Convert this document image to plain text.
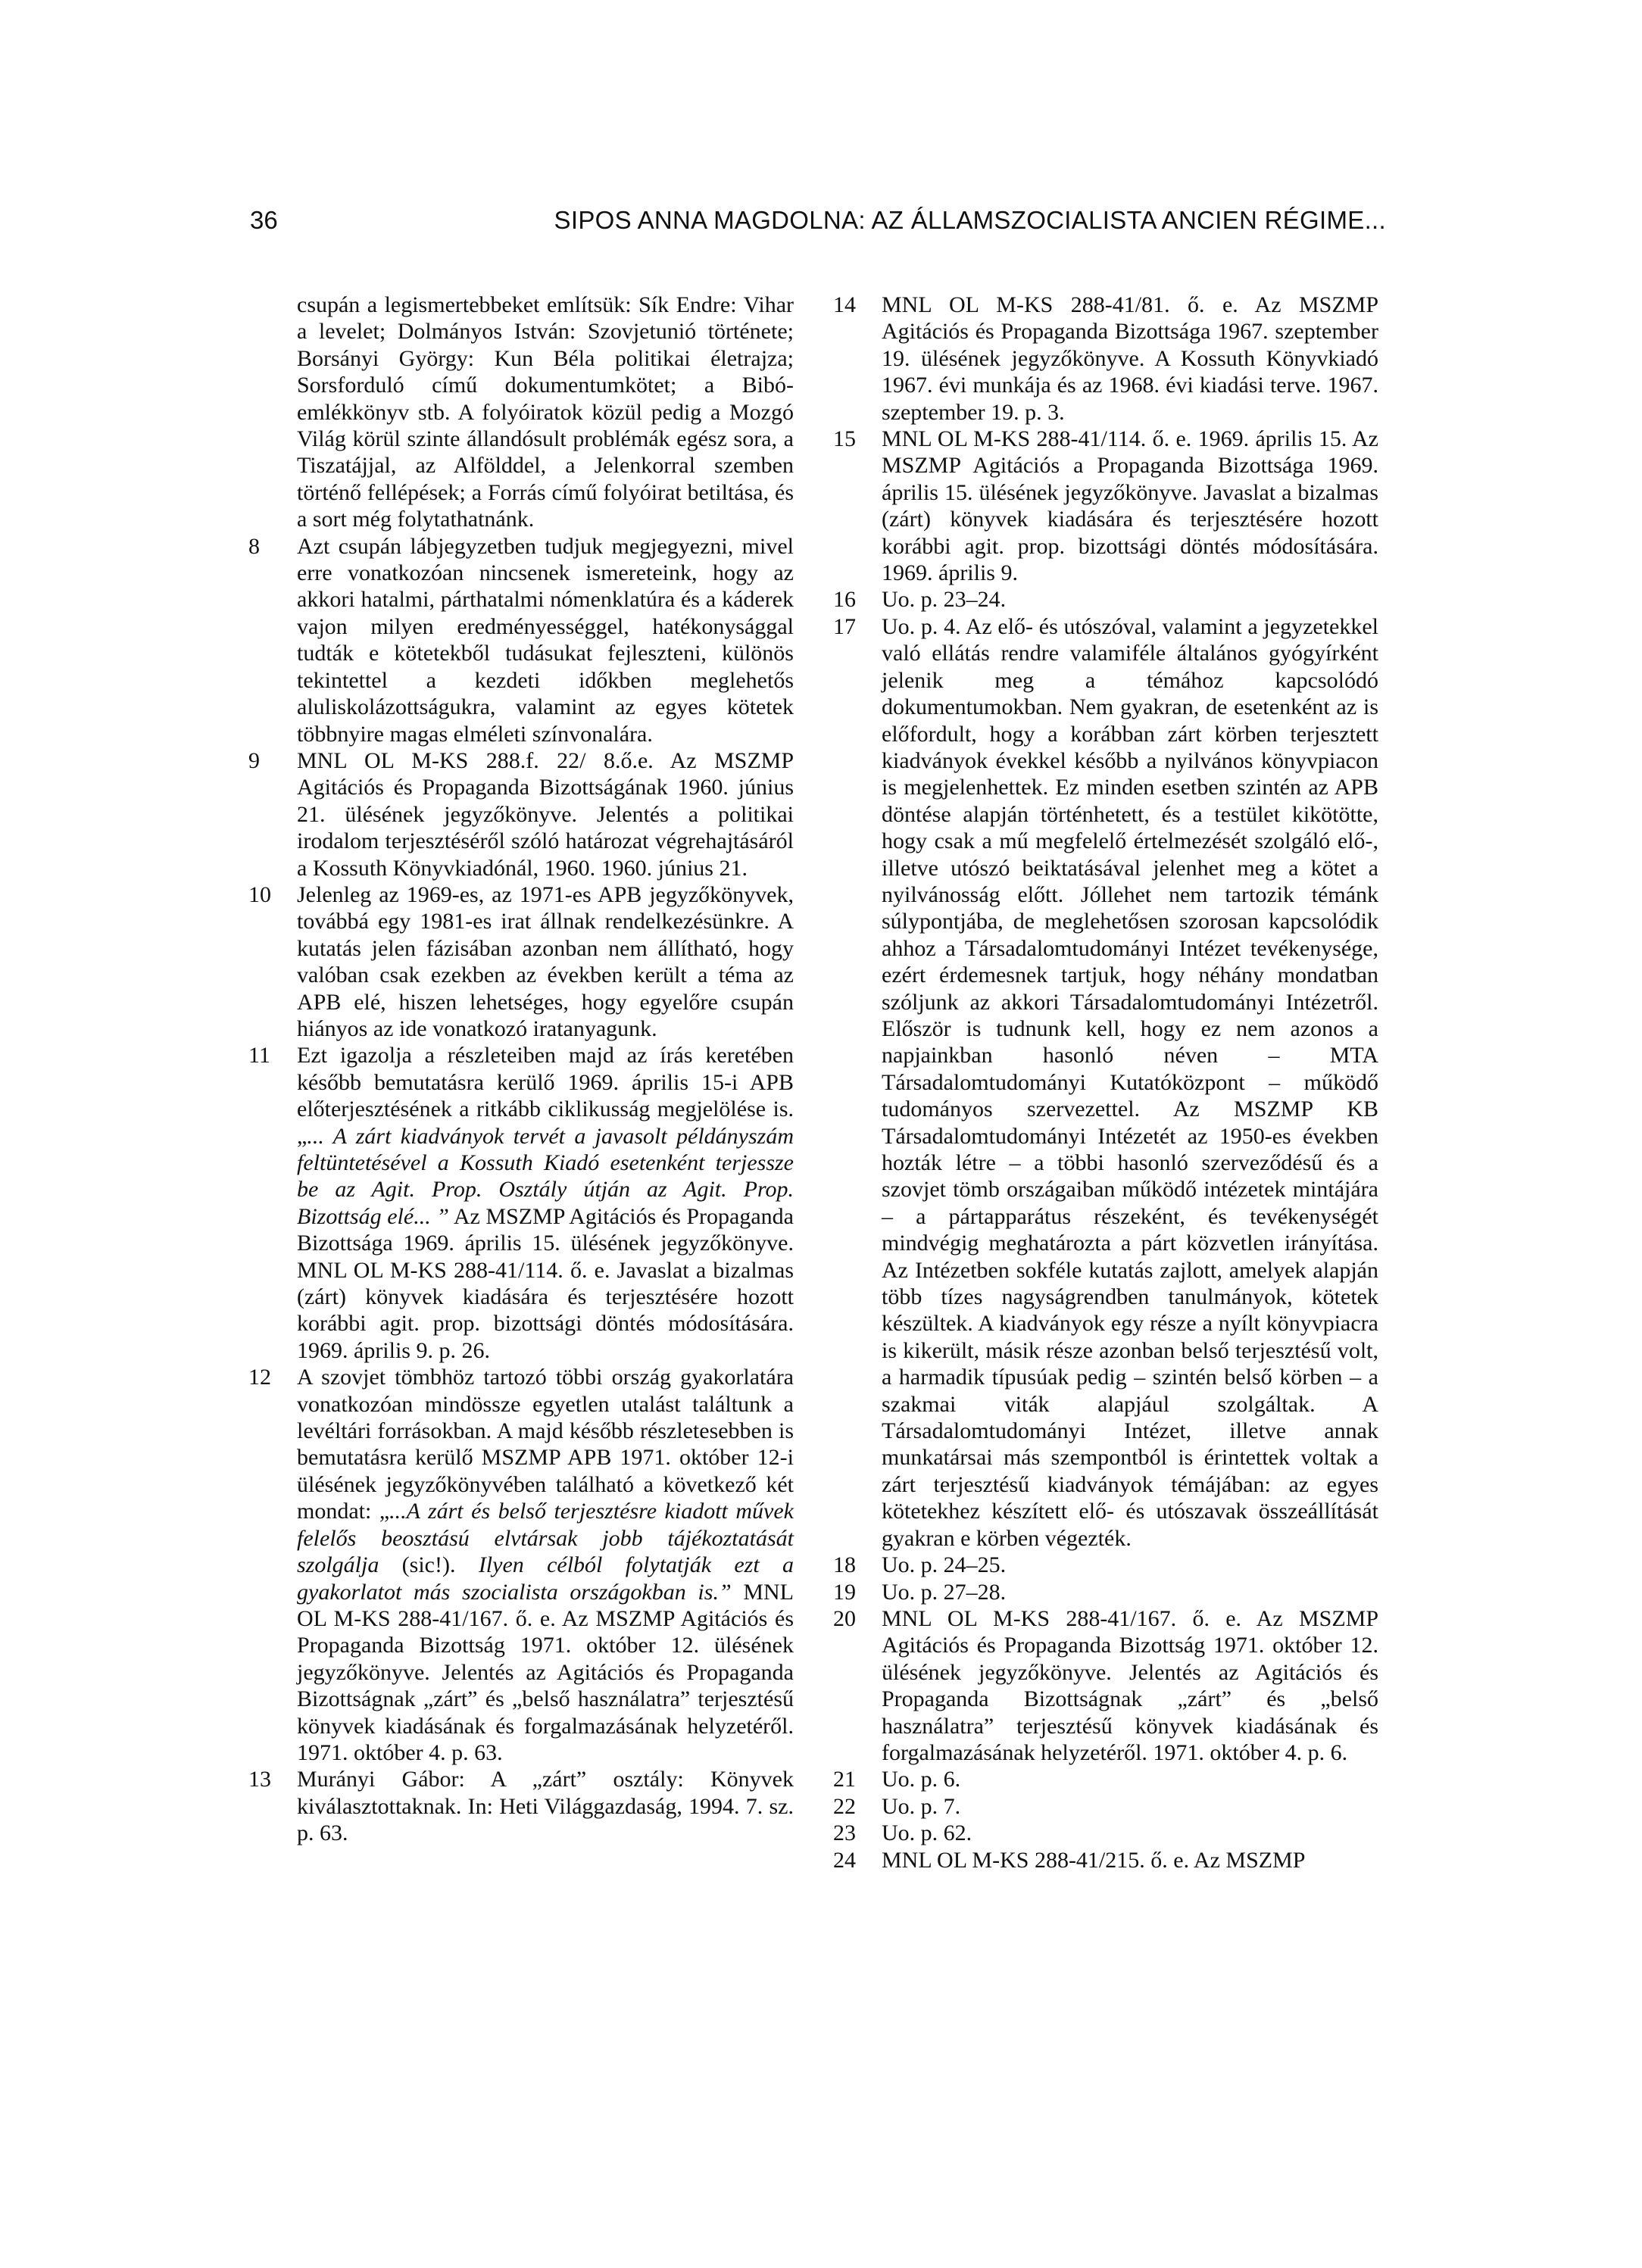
36	SIPOS ANNA MAGDOLNA: AZ ÁLLAMSZOCIALISTA ANCIEN RÉGIME...

csupán a legismertebbeket említsük: Sík Endre: Vihar a levelet; Dolmányos István: Szovjetunió története; Borsányi György: Kun Béla politikai életrajza; Sorsforduló című dokumentumkötet; a Bibó-emlékkönyv stb. A folyóiratok közül pedig a Mozgó Világ körül szinte állandósult problémák egész sora, a Tiszatájjal, az Alfölddel, a Jelenkorral szemben történő fellépések; a Forrás című folyóirat betiltása, és a sort még folytathatnánk.

8	Azt csupán lábjegyzetben tudjuk megjegyezni, mivel erre vonatkozóan nincsenek ismereteink, hogy az akkori hatalmi, párthatalmi nómenklatúra és a káderek vajon milyen eredményességgel, hatékonysággal tudták e kötetekből tudásukat fejleszteni, különös tekintettel a kezdeti időkben meglehetős aluliskolázottságukra, valamint az egyes kötetek többnyire magas elméleti színvonalára.
9	MNL OL M-KS 288.f. 22/ 8.ő.e. Az MSZMP Agitációs és Propaganda Bizottságának 1960. június 21. ülésének jegyzőkönyve. Jelentés a politikai irodalom terjesztéséről szóló határozat végrehajtásáról a Kossuth Könyvkiadónál, 1960. 1960. június 21.
10	Jelenleg az 1969-es, az 1971-es APB jegyzőkönyvek, továbbá egy 1981-es irat állnak rendelkezésünkre. A kutatás jelen fázisában azonban nem állítható, hogy valóban csak ezekben az években került a téma az APB elé, hiszen lehetséges, hogy egyelőre csupán hiányos az ide vonatkozó iratanyagunk.
11	Ezt igazolja a részleteiben majd az írás keretében később bemutatásra kerülő 1969. április 15-i APB előterjesztésének a ritkább ciklikusság megjelölése is. „... A zárt kiadványok tervét a javasolt példányszám feltüntetésével a Kossuth Kiadó esetenként terjessze be az Agit. Prop. Osztály útján az Agit. Prop. Bizottság elé... ” Az MSZMP Agitációs és Propaganda Bizottsága 1969. április 15. ülésének jegyzőkönyve. MNL OL M-KS 288-41/114. ő. e. Javaslat a bizalmas (zárt) könyvek kiadására és terjesztésére hozott korábbi agit. prop. bizottsági döntés módosítására. 1969. április 9. p. 26.
12	A szovjet tömbhöz tartozó többi ország gyakorlatára vonatkozóan mindössze egyetlen utalást találtunk a levéltári forrásokban. A majd később részletesebben is bemutatásra kerülő MSZMP APB 1971. október 12-i ülésének jegyzőkönyvében található a következő két mondat: „...A zárt és belső terjesztésre kiadott művek felelős beosztású elvtársak jobb tájékoztatását szolgálja (sic!). Ilyen célból folytatják ezt a gyakorlatot más szocialista országokban is.” MNL OL M-KS 288-41/167. ő. e. Az MSZMP Agitációs és Propaganda Bizottság 1971. október 12. ülésének jegyzőkönyve. Jelentés az Agitációs és Propaganda Bizottságnak „zárt” és „belső használatra” terjesztésű könyvek kiadásának és forgalmazásának helyzetéről. 1971. október 4. p. 63.
13	Murányi Gábor: A „zárt” osztály: Könyvek kiválasztottaknak. In: Heti Világgazdaság, 1994. 7. sz. p. 63.
14	MNL OL M-KS 288-41/81. ő. e. Az MSZMP Agitációs és Propaganda Bizottsága 1967. szeptember 19. ülésének jegyzőkönyve. A Kossuth Könyvkiadó 1967. évi munkája és az 1968. évi kiadási terve. 1967. szeptember 19. p. 3.
15	MNL OL M-KS 288-41/114. ő. e. 1969. április 15. Az MSZMP Agitációs a Propaganda Bizottsága 1969. április 15. ülésének jegyzőkönyve. Javaslat a bizalmas (zárt) könyvek kiadására és terjesztésére hozott korábbi agit. prop. bizottsági döntés módosítására. 1969. április 9.
16	Uo. p. 23–24.
17	Uo. p. 4. Az elő- és utószóval, valamint a jegyzetekkel való ellátás rendre valamiféle általános gyógyírként jelenik meg a témához kapcsolódó dokumentumokban. Nem gyakran, de esetenként az is előfordult, hogy a korábban zárt körben terjesztett kiadványok évekkel később a nyilvános könyvpiacon is megjelenhettek. Ez minden esetben szintén az APB döntése alapján történhetett, és a testület kikötötte, hogy csak a mű megfelelő értelmezését szolgáló elő-, illetve utószó beiktatásával jelenhet meg a kötet a nyilvánosság előtt. Jóllehet nem tartozik témánk súlypontjába, de meglehetősen szorosan kapcsolódik ahhoz a Társadalomtudományi Intézet tevékenysége, ezért érdemesnek tartjuk, hogy néhány mondatban szóljunk az akkori Társadalomtudományi Intézetről. Először is tudnunk kell, hogy ez nem azonos a napjainkban hasonló néven – MTA Társadalomtudományi Kutatóközpont – működő tudományos szervezettel. Az MSZMP KB Társadalomtudományi Intézetét az 1950-es években hozták létre – a többi hasonló szerveződésű és a szovjet tömb országaiban működő intézetek mintájára – a pártapparátus részeként, és tevékenységét mindvégig meghatározta a párt közvetlen irányítása. Az Intézetben sokféle kutatás zajlott, amelyek alapján több tízes nagyságrendben tanulmányok, kötetek készültek. A kiadványok egy része a nyílt könyvpiacra is kikerült, másik része azonban belső terjesztésű volt, a harmadik típusúak pedig – szintén belső körben – a szakmai viták alapjául szolgáltak. A Társadalomtudományi Intézet, illetve annak munkatársai más szempontból is érintettek voltak a zárt terjesztésű kiadványok témájában: az egyes kötetekhez készített elő- és utószavak összeállítását gyakran e körben végezték.
18	Uo. p. 24–25.
19	Uo. p. 27–28.
20	MNL OL M-KS 288-41/167. ő. e. Az MSZMP Agitációs és Propaganda Bizottság 1971. október 12. ülésének jegyzőkönyve. Jelentés az Agitációs és Propaganda Bizottságnak „zárt” és „belső használatra” terjesztésű könyvek kiadásának és forgalmazásának helyzetéről. 1971. október 4. p. 6.
21	Uo. p. 6.
22	Uo. p. 7.
23	Uo. p. 62.
24	MNL OL M-KS 288-41/215. ő. e. Az MSZMP
